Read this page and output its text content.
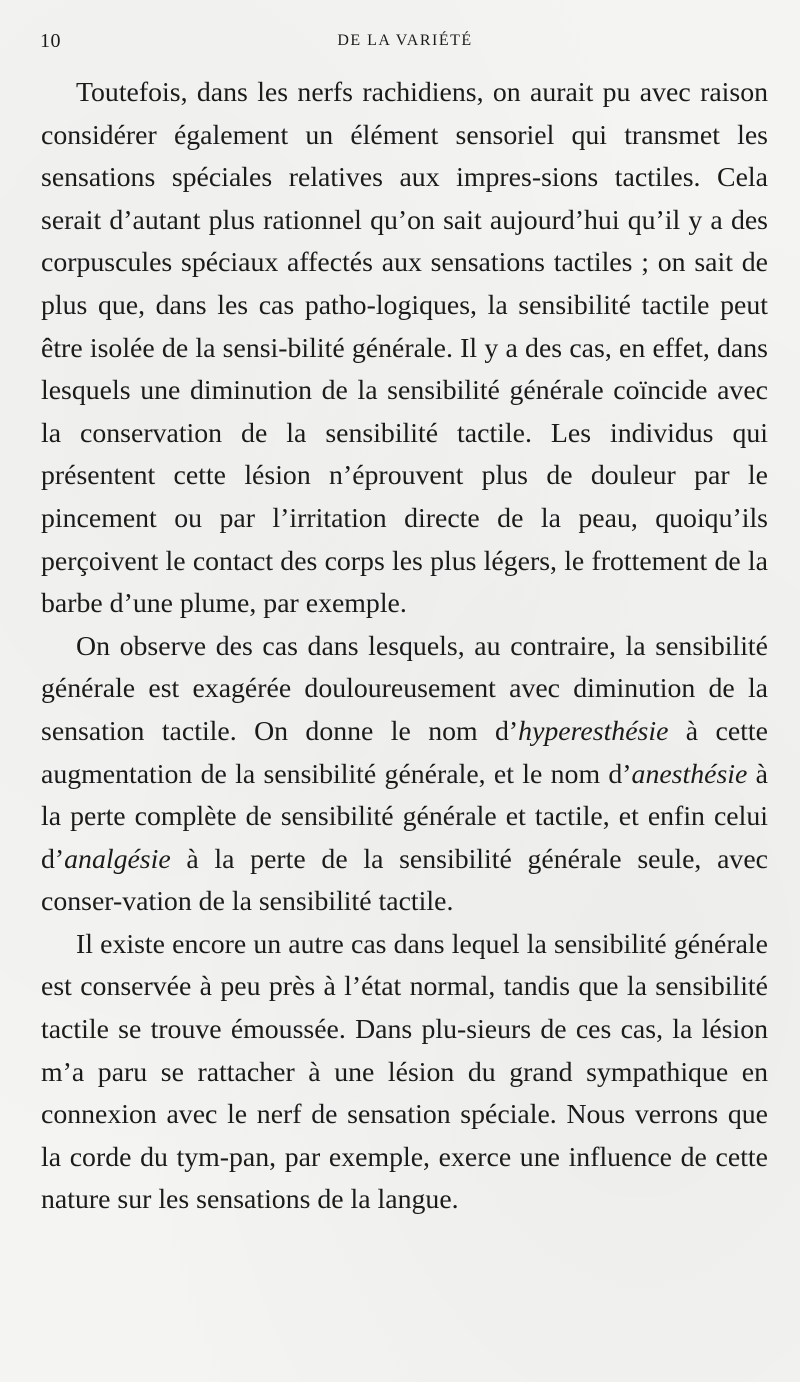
10	DE LA VARIÉTÉ

Toutefois, dans les nerfs rachidiens, on aurait pu avec raison considérer également un élément sensoriel qui transmet les sensations spéciales relatives aux impres-sions tactiles. Cela serait d’autant plus rationnel qu’on sait aujourd’hui qu’il y a des corpuscules spéciaux affectés aux sensations tactiles ; on sait de plus que, dans les cas patho-logiques, la sensibilité tactile peut être isolée de la sensi-bilité générale. Il y a des cas, en effet, dans lesquels une diminution de la sensibilité générale coïncide avec la conservation de la sensibilité tactile. Les individus qui présentent cette lésion n’éprouvent plus de douleur par le pincement ou par l’irritation directe de la peau, quoiqu’ils perçoivent le contact des corps les plus légers, le frottement de la barbe d’une plume, par exemple.

On observe des cas dans lesquels, au contraire, la sensibilité générale est exagérée douloureusement avec diminution de la sensation tactile. On donne le nom d’hyperesthésie à cette augmentation de la sensibilité générale, et le nom d’anesthésie à la perte complète de sensibilité générale et tactile, et enfin celui d’analgésie à la perte de la sensibilité générale seule, avec conser-vation de la sensibilité tactile.

Il existe encore un autre cas dans lequel la sensibilité générale est conservée à peu près à l’état normal, tandis que la sensibilité tactile se trouve émoussée. Dans plu-sieurs de ces cas, la lésion m’a paru se rattacher à une lésion du grand sympathique en connexion avec le nerf de sensation spéciale. Nous verrons que la corde du tym-pan, par exemple, exerce une influence de cette nature sur les sensations de la langue.
